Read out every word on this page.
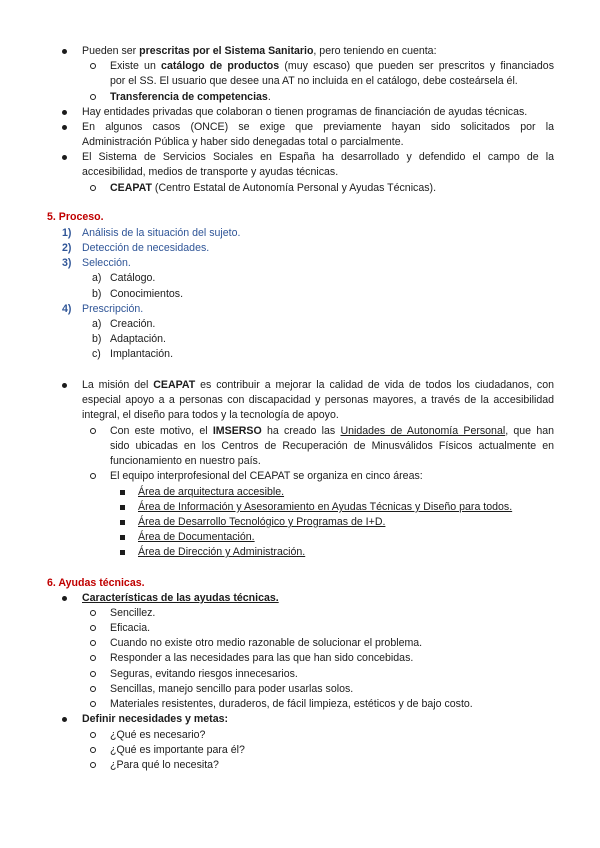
Pueden ser prescritas por el Sistema Sanitario, pero teniendo en cuenta:
Existe un catálogo de productos (muy escaso) que pueden ser prescritos y financiados
por el SS. El usuario que desee una AT no incluida en el catálogo, debe costeársela él.
Transferencia de competencias.
Hay entidades privadas que colaboran o tienen programas de financiación de ayudas técnicas.
En algunos casos (ONCE) se exige que previamente hayan sido solicitados por la
Administración Pública y haber sido denegadas total o parcialmente.
El Sistema de Servicios Sociales en España ha desarrollado y defendido el campo de la
accesibilidad, medios de transporte y ayudas técnicas.
CEAPAT (Centro Estatal de Autonomía Personal y Ayudas Técnicas).
5. Proceso.
1) Análisis de la situación del sujeto.
2) Detección de necesidades.
3) Selección.
a) Catálogo.
b) Conocimientos.
4) Prescripción.
a) Creación.
b) Adaptación.
c) Implantación.
La misión del CEAPAT es contribuir a mejorar la calidad de vida de todos los ciudadanos, con
especial apoyo a a personas con discapacidad y personas mayores, a través de la accesibilidad
integral, el diseño para todos y la tecnología de apoyo.
Con este motivo, el IMSERSO ha creado las Unidades de Autonomía Personal, que han
sido ubicadas en los Centros de Recuperación de Minusválidos Físicos actualmente en
funcionamiento en nuestro país.
El equipo interprofesional del CEAPAT se organiza en cinco áreas:
Área de arquitectura accesible.
Área de Información y Asesoramiento en Ayudas Técnicas y Diseño para todos.
Área de Desarrollo Tecnológico y Programas de I+D.
Área de Documentación.
Área de Dirección y Administración.
6. Ayudas técnicas.
Características de las ayudas técnicas.
Sencillez.
Eficacia.
Cuando no existe otro medio razonable de solucionar el problema.
Responder a las necesidades para las que han sido concebidas.
Seguras, evitando riesgos innecesarios.
Sencillas, manejo sencillo para poder usarlas solos.
Materiales resistentes, duraderos, de fácil limpieza, estéticos y de bajo costo.
Definir necesidades y metas:
¿Qué es necesario?
¿Qué es importante para él?
¿Para qué lo necesita?
